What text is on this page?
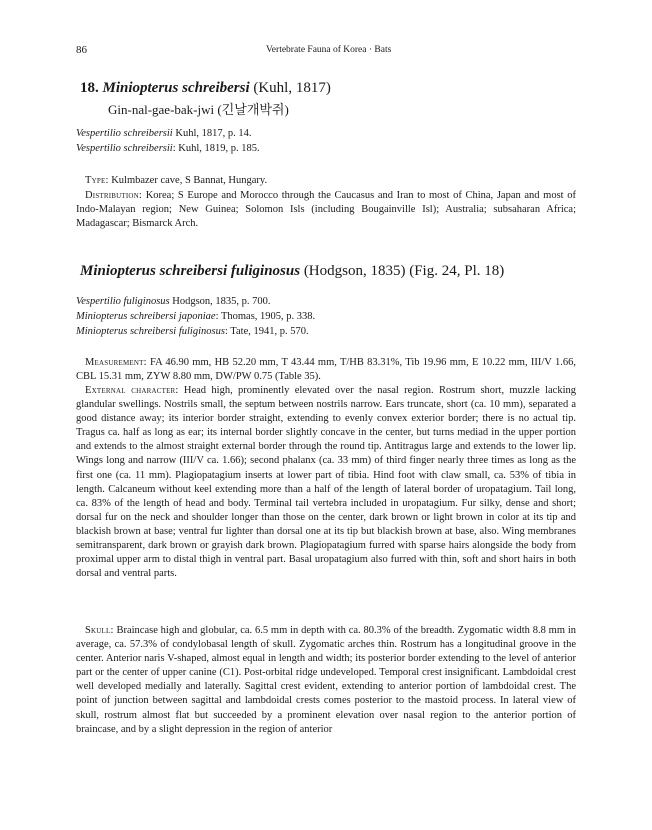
86	Vertebrate Fauna of Korea · Bats
18. Miniopterus schreibersi (Kuhl, 1817)
Gin-nal-gae-bak-jwi (긴날개박쥐)
Vespertilio schreibersii Kuhl, 1817, p. 14.
Vespertilio schreibersii: Kuhl, 1819, p. 185.

Type: Kulmbazer cave, S Bannat, Hungary.

Distribution: Korea; S Europe and Morocco through the Caucasus and Iran to most of China, Japan and most of Indo-Malayan region; New Guinea; Solomon Isls (including Bougainville Isl); Australia; subsaharan Africa; Madagascar; Bismarck Arch.

Miniopterus schreibersi fuliginosus (Hodgson, 1835) (Fig. 24, Pl. 18)
Vespertilio fuliginosus Hodgson, 1835, p. 700.
Miniopterus schreibersi japoniae: Thomas, 1905, p. 338.
Miniopterus schreibersi fuliginosus: Tate, 1941, p. 570.

Measurement: FA 46.90 mm, HB 52.20 mm, T 43.44 mm, T/HB 83.31%, Tib 19.96 mm, E 10.22 mm, III/V 1.66, CBL 15.31 mm, ZYW 8.80 mm, DW/PW 0.75 (Table 35).

External character: Head high, prominently elevated over the nasal region. Rostrum short, muzzle lacking glandular swellings. Nostrils small, the septum between nostrils narrow. Ears truncate, short (ca. 10 mm), separated a good distance away; its interior border straight, extending to evenly convex exterior border; there is no actual tip. Tragus ca. half as long as ear; its internal border slightly concave in the center, but turns mediad in the upper portion and extends to the almost straight external border through the round tip. Antitragus large and extends to the lower lip. Wings long and narrow (III/V ca. 1.66); second phalanx (ca. 33 mm) of third finger nearly three times as long as the first one (ca. 11 mm). Plagiopatagium inserts at lower part of tibia. Hind foot with claw small, ca. 53% of tibia in length. Calcaneum without keel extending more than a half of the length of lateral border of uropatagium. Tail long, ca. 83% of the length of head and body. Terminal tail vertebra included in uropatagium. Fur silky, dense and short; dorsal fur on the neck and shoulder longer than those on the center, dark brown or light brown in color at its tip and blackish brown at base; ventral fur lighter than dorsal one at its tip but blackish brown at base, also. Wing membranes semitransparent, dark brown or grayish dark brown. Plagiopatagium furred with sparse hairs alongside the body from proximal upper arm to distal thigh in ventral part. Basal uropatagium also furred with thin, soft and short hairs in both dorsal and ventral parts.

Skull: Braincase high and globular, ca. 6.5 mm in depth with ca. 80.3% of the breadth. Zygomatic width 8.8 mm in average, ca. 57.3% of condylobasal length of skull. Zygomatic arches thin. Rostrum has a longitudinal groove in the center. Anterior naris V-shaped, almost equal in length and width; its posterior border extending to the level of anterior part or the center of upper canine (C1). Post-orbital ridge undeveloped. Temporal crest insignificant. Lambdoidal crest well developed medially and laterally. Sagittal crest evident, extending to anterior portion of lambdoidal crest. The point of junction between sagittal and lambdoidal crests comes posterior to the mastoid process. In lateral view of skull, rostrum almost flat but succeeded by a prominent elevation over nasal region to the anterior portion of braincase, and by a slight depression in the region of anterior
